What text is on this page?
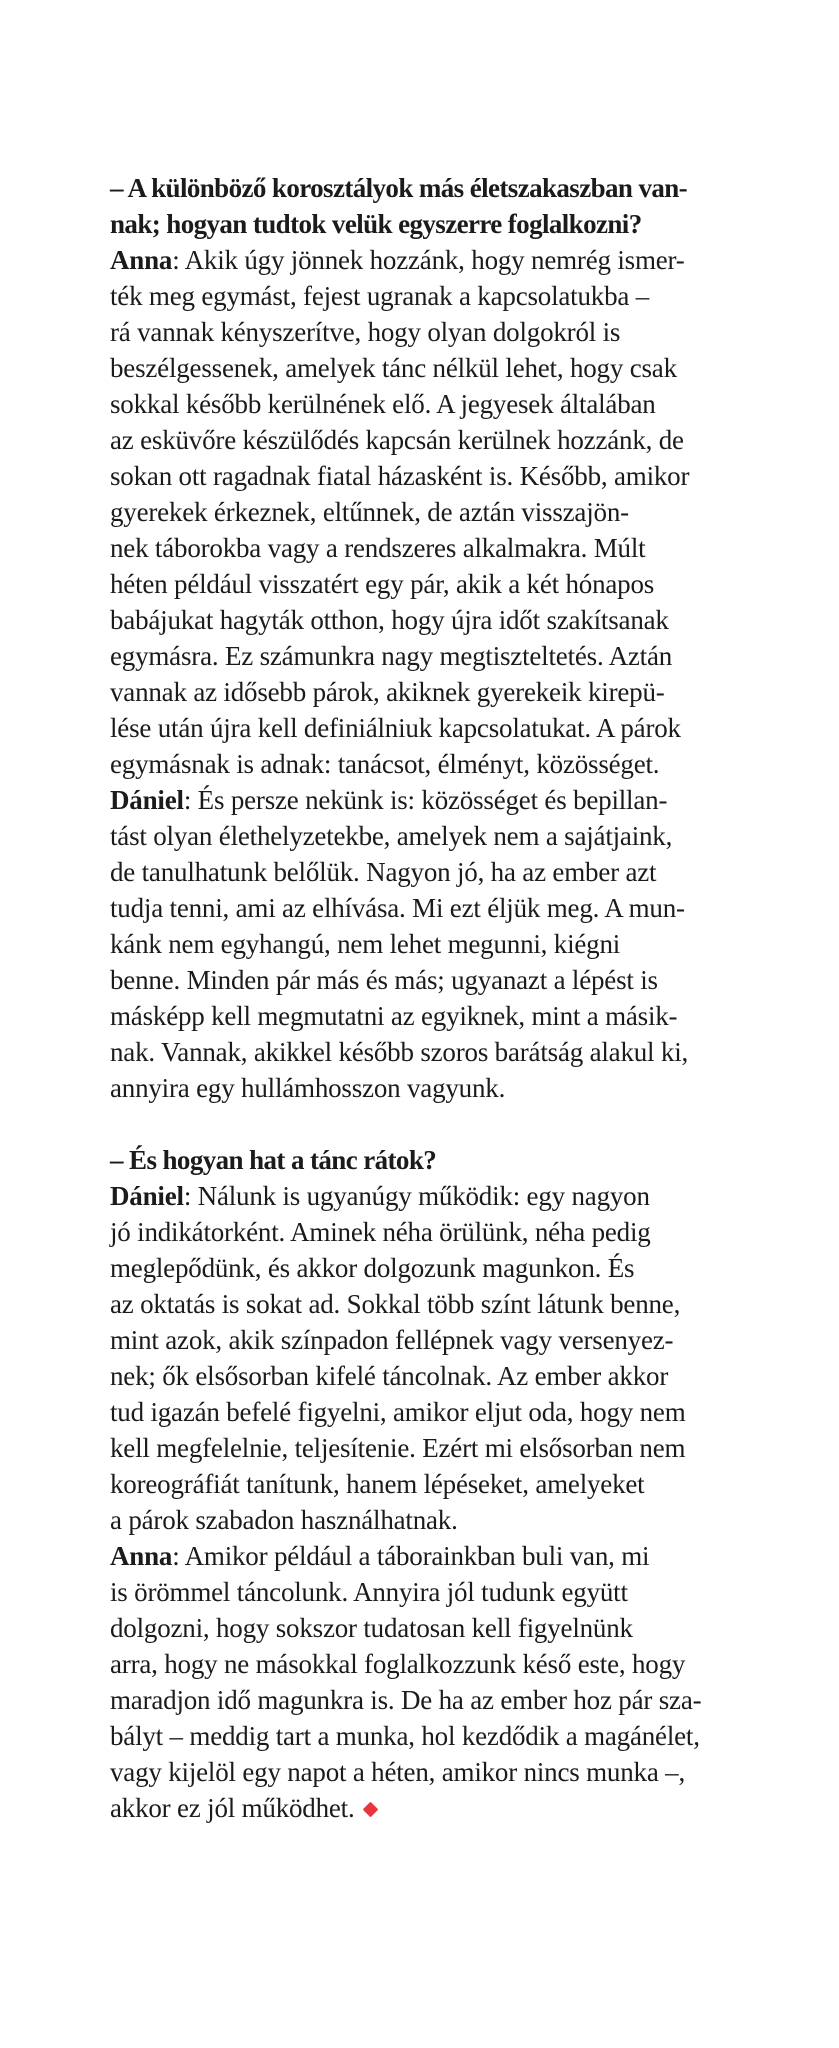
– A különböző korosztályok más életszakaszban van-
nak; hogyan tudtok velük egyszerre foglalkozni?
Anna: Akik úgy jönnek hozzánk, hogy nemrég ismer-
ték meg egymást, fejest ugranak a kapcsolatukba –
rá vannak kényszerítve, hogy olyan dolgokról is
beszélgessenek, amelyek tánc nélkül lehet, hogy csak
sokkal később kerülnének elő. A jegyesek általában
az esküvőre készülődés kapcsán kerülnek hozzánk, de
sokan ott ragadnak fiatal házasként is. Később, amikor
gyerekek érkeznek, eltűnnek, de aztán visszajön-
nek táborokba vagy a rendszeres alkalmakra. Múlt
héten például visszatért egy pár, akik a két hónapos
babájukat hagyták otthon, hogy újra időt szakítsanak
egymásra. Ez számunkra nagy megtiszteltetés. Aztán
vannak az idősebb párok, akiknek gyerekeik kirepü-
lése után újra kell definiálniuk kapcsolatukat. A párok
egymásnak is adnak: tanácsot, élményt, közösséget.
Dániel: És persze nekünk is: közösséget és bepillan-
tást olyan élethelyzetekbe, amelyek nem a sajátjaink,
de tanulhatunk belőlük. Nagyon jó, ha az ember azt
tudja tenni, ami az elhívása. Mi ezt éljük meg. A mun-
kánk nem egyhangú, nem lehet megunni, kiégni
benne. Minden pár más és más; ugyanazt a lépést is
másképp kell megmutatni az egyiknek, mint a másik-
nak. Vannak, akikkel később szoros barátság alakul ki,
annyira egy hullámhosszon vagyunk.
– És hogyan hat a tánc rátok?
Dániel: Nálunk is ugyanúgy működik: egy nagyon
jó indikátorként. Aminek néha örülünk, néha pedig
meglepődünk, és akkor dolgozunk magunkon. És
az oktatás is sokat ad. Sokkal több színt látunk benne,
mint azok, akik színpadon fellépnek vagy versenyez-
nek; ők elsősorban kifelé táncolnak. Az ember akkor
tud igazán befelé figyelni, amikor eljut oda, hogy nem
kell megfelelnie, teljesítenie. Ezért mi elsősorban nem
koreográfiát tanítunk, hanem lépéseket, amelyeket
a párok szabadon használhatnak.
Anna: Amikor például a táborainkban buli van, mi
is örömmel táncolunk. Annyira jól tudunk együtt
dolgozni, hogy sokszor tudatosan kell figyelnünk
arra, hogy ne másokkal foglalkozzunk késő este, hogy
maradjon idő magunkra is. De ha az ember hoz pár sza-
bályt – meddig tart a munka, hol kezdődik a magánélet,
vagy kijelöl egy napot a héten, amikor nincs munka –,
akkor ez jól működhet.
